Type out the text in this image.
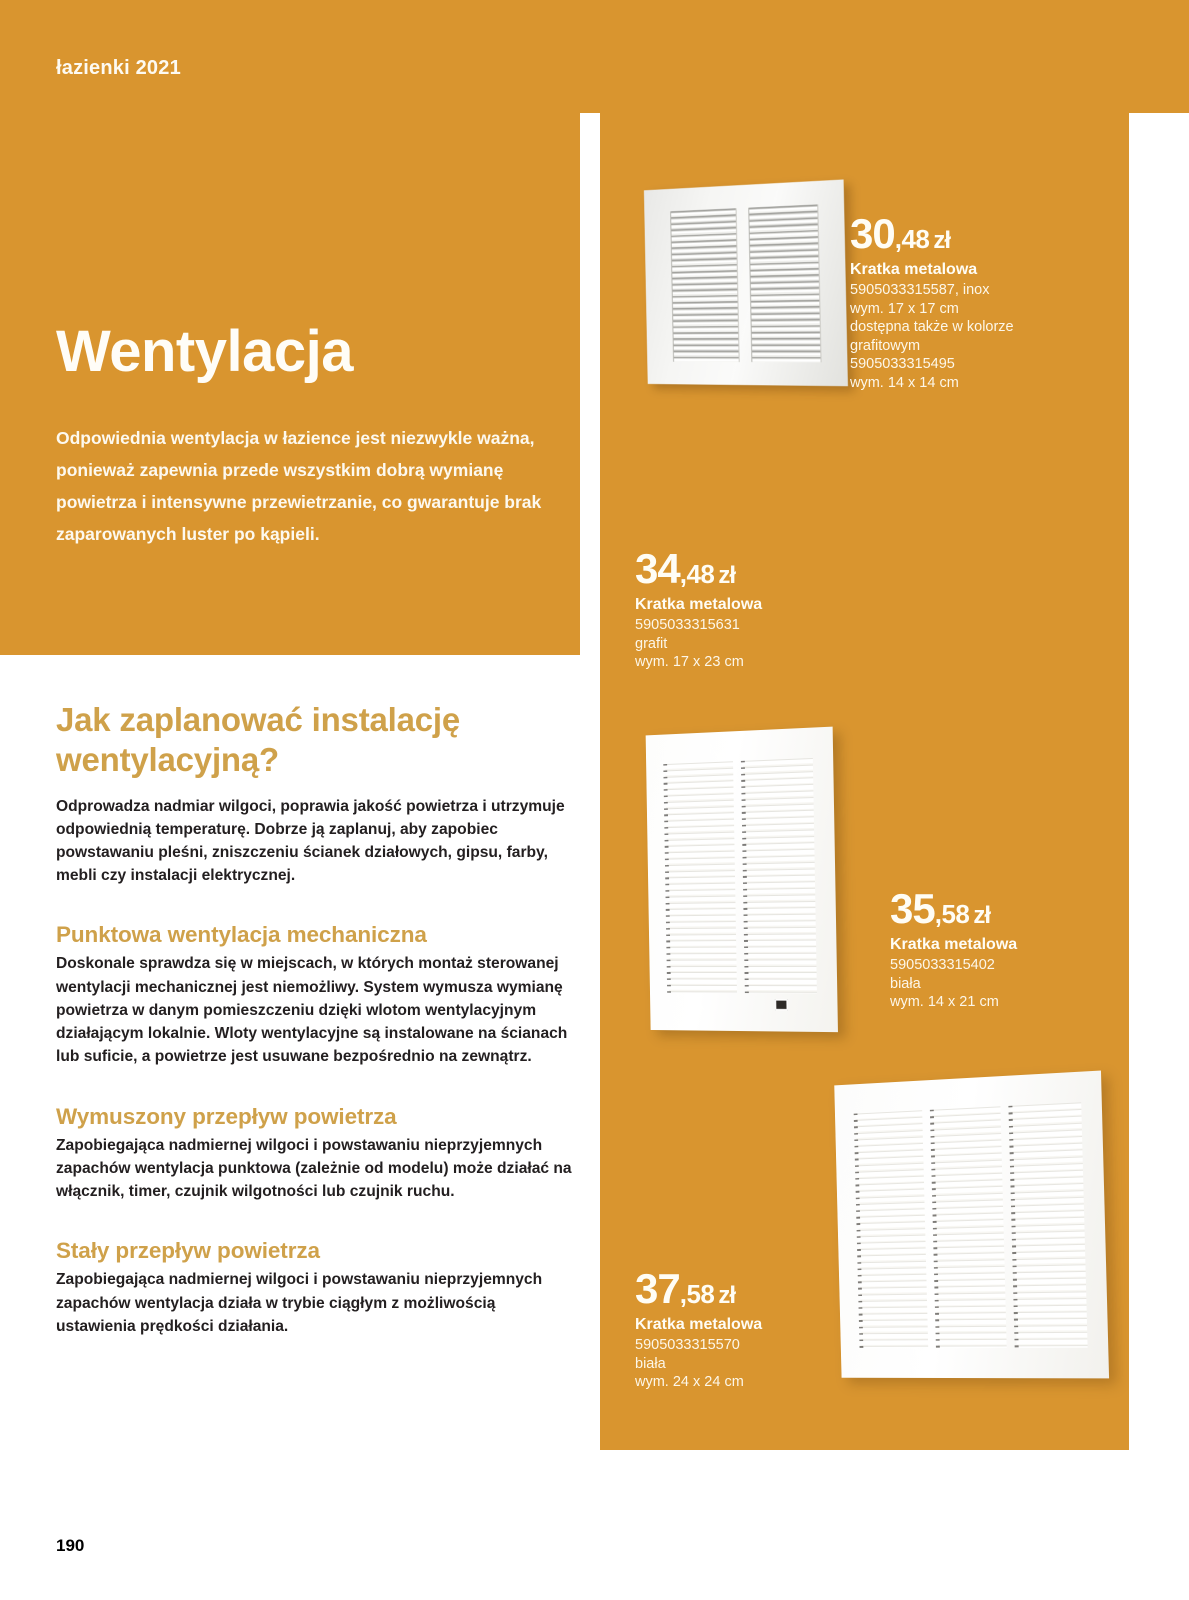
łazienki 2021
Wentylacja
Odpowiednia wentylacja w łazience jest niezwykle ważna, ponieważ zapewnia przede wszystkim dobrą wymianę powietrza i intensywne przewietrzanie, co gwarantuje brak zaparowanych luster po kąpieli.
Jak zaplanować instalację wentylacyjną?

Odprowadza nadmiar wilgoci, poprawia jakość powietrza i utrzymuje odpowiednią temperaturę. Dobrze ją zaplanuj, aby zapobiec powstawaniu pleśni, zniszczeniu ścianek działowych, gipsu, farby, mebli czy instalacji elektrycznej.

Punktowa wentylacja mechaniczna

Doskonale sprawdza się w miejscach, w których montaż sterowanej wentylacji mechanicznej jest niemożliwy. System wymusza wymianę powietrza w danym pomieszczeniu dzięki wlotom wentylacyjnym działającym lokalnie. Wloty wentylacyjne są instalowane na ścianach lub suficie, a powietrze jest usuwane bezpośrednio na zewnątrz.

Wymuszony przepływ powietrza

Zapobiegająca nadmiernej wilgoci i powstawaniu nieprzyjemnych zapachów wentylacja punktowa (zależnie od modelu) może działać na włącznik, timer, czujnik wilgotności lub czujnik ruchu.

Stały przepływ powietrza

Zapobiegająca nadmiernej wilgoci i powstawaniu nieprzyjemnych zapachów wentylacja działa w trybie ciągłym z możliwością ustawienia prędkości działania.

190
30,48 zł
Kratka metalowa
5905033315587, inox
wym. 17 x 17 cm
dostępna także w kolorze
grafitowym
5905033315495
wym. 14 x 14 cm
34,48 zł
Kratka metalowa
5905033315631
grafit
wym. 17 x 23 cm
35,58 zł
Kratka metalowa
5905033315402
biała
wym. 14 x 21 cm
37,58 zł
Kratka metalowa
5905033315570
biała
wym. 24 x 24 cm
